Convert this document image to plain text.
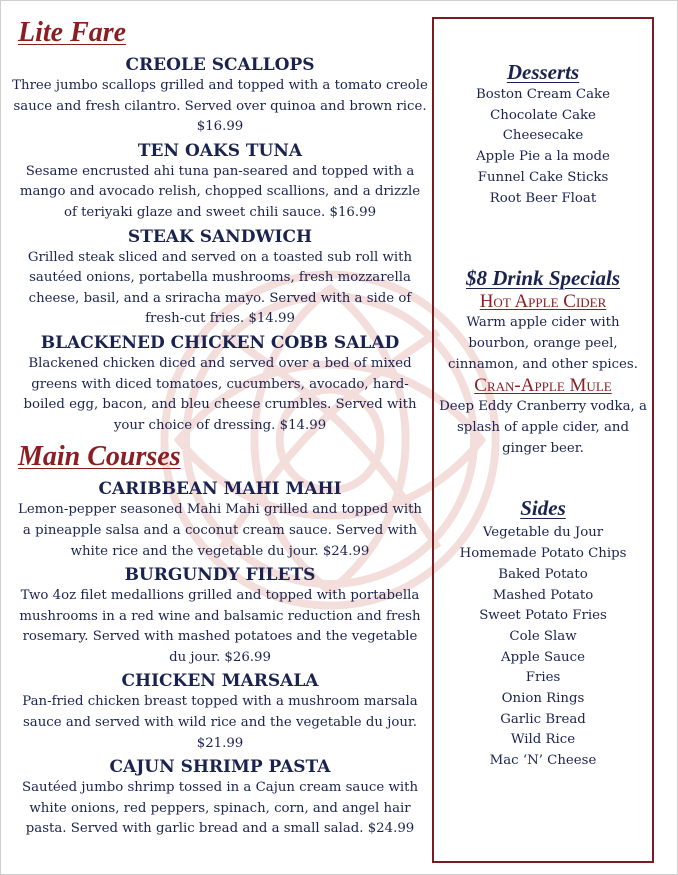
Lite Fare
CREOLE SCALLOPS
Three jumbo scallops grilled and topped with a tomato creole sauce and fresh cilantro. Served over quinoa and brown rice. $16.99
TEN OAKS TUNA
Sesame encrusted ahi tuna pan-seared and topped with a mango and avocado relish, chopped scallions, and a drizzle of teriyaki glaze and sweet chili sauce. $16.99
STEAK SANDWICH
Grilled steak sliced and served on a toasted sub roll with sautéed onions, portabella mushrooms, fresh mozzarella cheese, basil, and a sriracha mayo. Served with a side of fresh-cut fries. $14.99
BLACKENED CHICKEN COBB SALAD
Blackened chicken diced and served over a bed of mixed greens with diced tomatoes, cucumbers, avocado, hard-boiled egg, bacon, and bleu cheese crumbles. Served with your choice of dressing. $14.99
Main Courses
CARIBBEAN MAHI MAHI
Lemon-pepper seasoned Mahi Mahi grilled and topped with a pineapple salsa and a coconut cream sauce. Served with white rice and the vegetable du jour. $24.99
BURGUNDY FILETS
Two 4oz filet medallions grilled and topped with portabella mushrooms in a red wine and balsamic reduction and fresh rosemary. Served with mashed potatoes and the vegetable du jour. $26.99
CHICKEN MARSALA
Pan-fried chicken breast topped with a mushroom marsala sauce and served with wild rice and the vegetable du jour. $21.99
CAJUN SHRIMP PASTA
Sautéed jumbo shrimp tossed in a Cajun cream sauce with white onions, red peppers, spinach, corn, and angel hair pasta. Served with garlic bread and a small salad. $24.99
Desserts
Boston Cream Cake
Chocolate Cake
Cheesecake
Apple Pie a la mode
Funnel Cake Sticks
Root Beer Float
$8 Drink Specials
Hot Apple Cider
Warm apple cider with bourbon, orange peel, cinnamon, and other spices.
Cran-Apple Mule
Deep Eddy Cranberry vodka, a splash of apple cider, and ginger beer.
Sides
Vegetable du Jour
Homemade Potato Chips
Baked Potato
Mashed Potato
Sweet Potato Fries
Cole Slaw
Apple Sauce
Fries
Onion Rings
Garlic Bread
Wild Rice
Mac ‘N’ Cheese
